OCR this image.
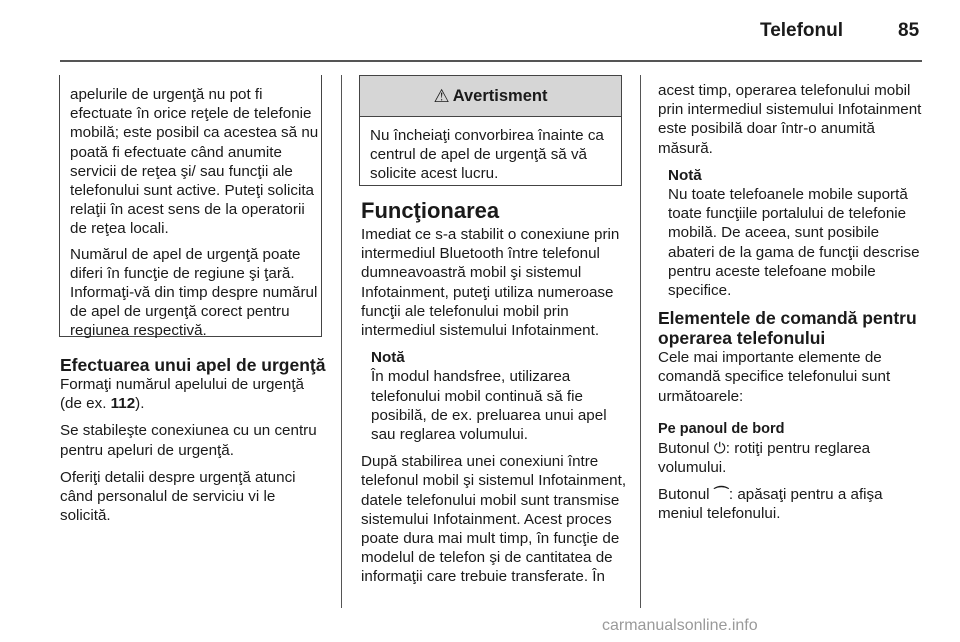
Telefonul	85

apelurile de urgenţă nu pot fi efectuate în orice reţele de telefonie mobilă; este posibil ca acestea să nu poată fi efectuate când anumite servicii de reţea şi/ sau funcţii ale telefonului sunt active. Puteţi solicita relaţii în acest sens de la operatorii de reţea locali.

Numărul de apel de urgenţă poate diferi în funcţie de regiune şi ţară. Informaţi-vă din timp despre numărul de apel de urgenţă corect pentru regiunea respectivă.

Efectuarea unui apel de urgenţă

Formaţi numărul apelului de urgenţă (de ex. 112).

Se stabileşte conexiunea cu un centru pentru apeluri de urgenţă.

Oferiţi detalii despre urgenţă atunci când personalul de serviciu vi le solicită.

⚠ Avertisment
Nu încheiaţi convorbirea înainte ca centrul de apel de urgenţă să vă solicite acest lucru.
Funcţionarea

Imediat ce s-a stabilit o conexiune prin intermediul Bluetooth între telefonul dumneavoastră mobil şi sistemul Infotainment, puteţi utiliza numeroase funcţii ale telefonului mobil prin intermediul sistemului Infotainment.

Notă
În modul handsfree, utilizarea telefonului mobil continuă să fie posibilă, de ex. preluarea unui apel sau reglarea volumului.

După stabilirea unei conexiuni între telefonul mobil şi sistemul Infotainment, datele telefonului mobil sunt transmise sistemului Infotainment. Acest proces poate dura mai mult timp, în funcţie de modelul de telefon şi de cantitatea de informaţii care trebuie transferate. În

acest timp, operarea telefonului mobil prin intermediul sistemului Infotainment este posibilă doar într-o anumită măsură.

Notă
Nu toate telefoanele mobile suportă toate funcţiile portalului de telefonie mobilă. De aceea, sunt posibile abateri de la gama de funcţii descrise pentru aceste telefoane mobile specifice.
Elementele de comandă pentru operarea telefonului

Cele mai importante elemente de comandă specifice telefonului sunt următoarele:

Pe panoul de bord

Butonul ⏻: rotiţi pentru reglarea volumului.

Butonul ⌒: apăsaţi pentru a afişa meniul telefonului.

carmanualsonline.info
